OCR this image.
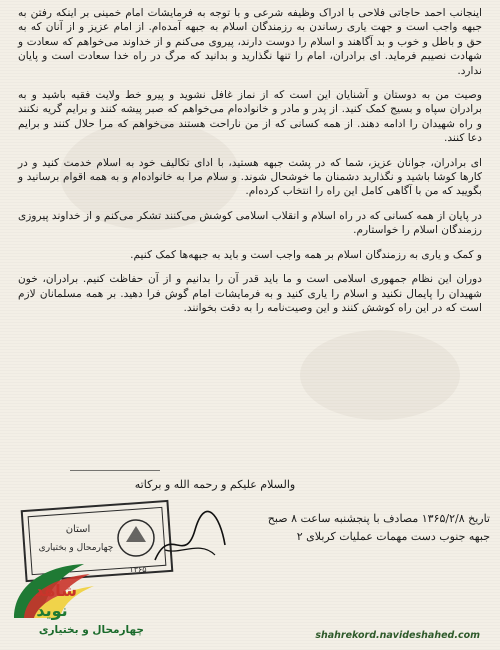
اینجانب احمد حاجاتی فلاحی با ادراک وظیفه شرعی و با توجه به فرمایشات امام خمینی بر اینکه رفتن به جبهه واجب است و جهت یاری رساندن به رزمندگان اسلام به جبهه آمده‌ام. از امام عزیز و از آنان که به حق و باطل و خوب و بد آگاهند و اسلام را دوست دارند، پیروی می‌کنم و از خداوند می‌خواهم که سعادت و شهادت نصیبم فرماید. ای برادران، امام را تنها نگذارید و بدانید که مرگ در راه خدا سعادت است و پایان ندارد.

وصیت من به دوستان و آشنایان این است که از نماز غافل نشوید و پیرو خط ولایت فقیه باشید و به برادران سپاه و بسیج کمک کنید. از پدر و مادر و خانواده‌ام می‌خواهم که صبر پیشه کنند و برایم گریه نکنند و راه شهیدان را ادامه دهند. از همه کسانی که از من ناراحت هستند می‌خواهم که مرا حلال کنند و برایم دعا کنند.

ای برادران، جوانان عزیز، شما که در پشت جبهه هستید، با ادای تکالیف خود به اسلام خدمت کنید و در کارها کوشا باشید و نگذارید دشمنان ما خوشحال شوند. و سلام مرا به خانواده‌ام و به همه اقوام برسانید و بگویید که من با آگاهی کامل این راه را انتخاب کرده‌ام.

در پایان از همه کسانی که در راه اسلام و انقلاب اسلامی کوشش می‌کنند تشکر می‌کنم و از خداوند پیروزی رزمندگان اسلام را خواستارم.

و کمک و یاری به رزمندگان اسلام بر همه واجب است و باید به جبهه‌ها کمک کنیم.

دوران این نظام جمهوری اسلامی است و ما باید قدر آن را بدانیم و از آن حفاظت کنیم. برادران، خون شهیدان را پایمال نکنید و اسلام را یاری کنید و به فرمایشات امام گوش فرا دهید. بر همه مسلمانان لازم است که در این راه کوشش کنند و این وصیت‌نامه را به دقت بخوانند.

والسلام علیکم و رحمه الله و برکاته
تاریخ ۱۳۶۵/۲/۸ مصادف با پنجشنبه ساعت ۸ صبح
جبهه جنوب دست مهمات عملیات کربلای ۲
استان
چهارمحال و بختیاری
۱۳۶۵
شاهد
نوید
چهارمحال و بختیاری	shahrekord.navideshahed.com
